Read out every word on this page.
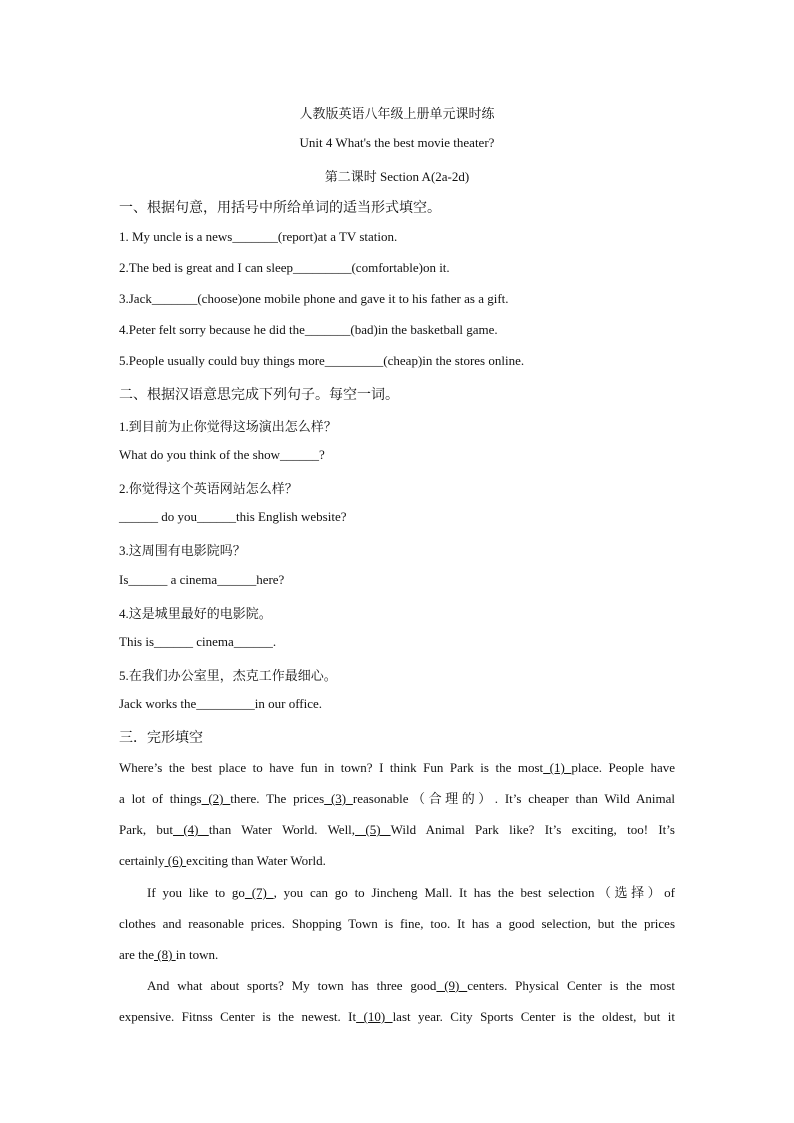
人教版英语八年级上册单元课时练
Unit 4 What's the best movie theater?
第二课时 Section A(2a-2d)
一、根据句意，用括号中所给单词的适当形式填空。
1. My uncle is a news_______(report)at a TV station.
2.The bed is great and I can sleep_________(comfortable)on it.
3.Jack_______(choose)one mobile phone and gave it to his father as a gift.
4.Peter felt sorry because he did the_______(bad)in the basketball game.
5.People usually could buy things more_________(cheap)in the stores online.
二、根据汉语意思完成下列句子。每空一词。
1.到目前为止你觉得这场演出怎么样？
What do you think of the show______?
2.你觉得这个英语网站怎么样？
______ do you______this English website?
3.这周围有电影院吗？
Is______ a cinema______here?
4.这是城里最好的电影院。
This is______ cinema______.
5.在我们办公室里，杰克工作最细心。
Jack works the_________in our office.
三．完形填空

Where’s the best place to have fun in town? I think Fun Park is the most (1) place. People have

a lot of things (2) there. The prices (3) reasonable（合理的）. It’s cheaper than Wild Animal

Park, but (4) than Water World. Well, (5) Wild Animal Park like? It’s exciting, too! It’s

certainly (6) exciting than Water World.

If you like to go (7) , you can go to Jincheng Mall. It has the best selection（选择）of

clothes and reasonable prices. Shopping Town is fine, too. It has a good selection, but the prices

are the (8) in town.

And what about sports? My town has three good (9) centers. Physical Center is the most

expensive. Fitnss Center is the newest. It (10) last year. City Sports Center is the oldest, but it
